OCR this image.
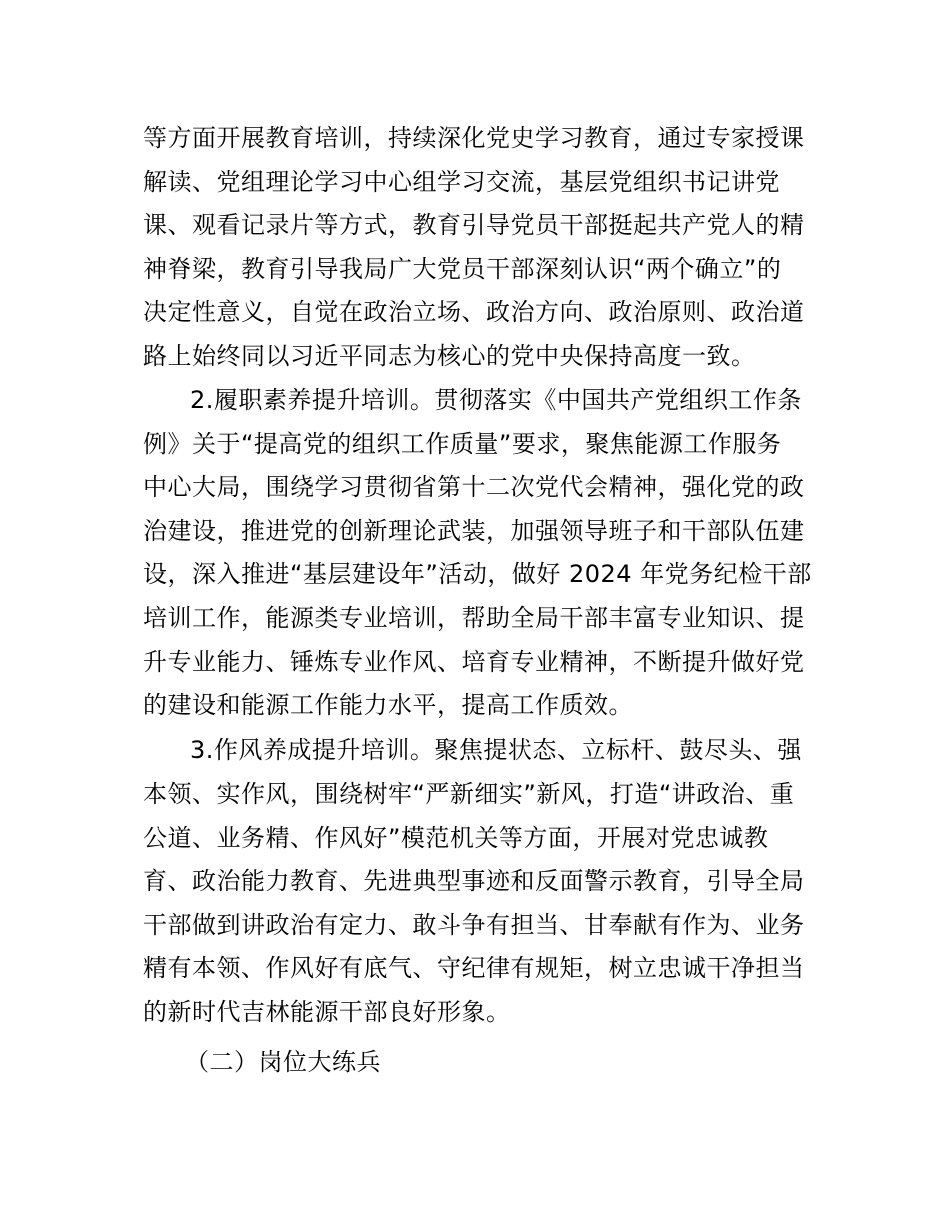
等方面开展教育培训，持续深化党史学习教育，通过专家授课
解读、党组理论学习中心组学习交流，基层党组织书记讲党
课、观看记录片等方式，教育引导党员干部挺起共产党人的精
神脊梁，教育引导我局广大党员干部深刻认识“两个确立”的
决定性意义，自觉在政治立场、政治方向、政治原则、政治道
路上始终同以习近平同志为核心的党中央保持高度一致。
2.履职素养提升培训。贯彻落实《中国共产党组织工作条
例》关于“提高党的组织工作质量”要求，聚焦能源工作服务
中心大局，围绕学习贯彻省第十二次党代会精神，强化党的政
治建设，推进党的创新理论武装，加强领导班子和干部队伍建
设，深入推进“基层建设年”活动，做好 2024 年党务纪检干部
培训工作，能源类专业培训，帮助全局干部丰富专业知识、提
升专业能力、锤炼专业作风、培育专业精神，不断提升做好党
的建设和能源工作能力水平，提高工作质效。
3.作风养成提升培训。聚焦提状态、立标杆、鼓尽头、强
本领、实作风，围绕树牢“严新细实”新风，打造“讲政治、重
公道、业务精、作风好”模范机关等方面，开展对党忠诚教
育、政治能力教育、先进典型事迹和反面警示教育，引导全局
干部做到讲政治有定力、敢斗争有担当、甘奉献有作为、业务
精有本领、作风好有底气、守纪律有规矩，树立忠诚干净担当
的新时代吉林能源干部良好形象。
（二）岗位大练兵
